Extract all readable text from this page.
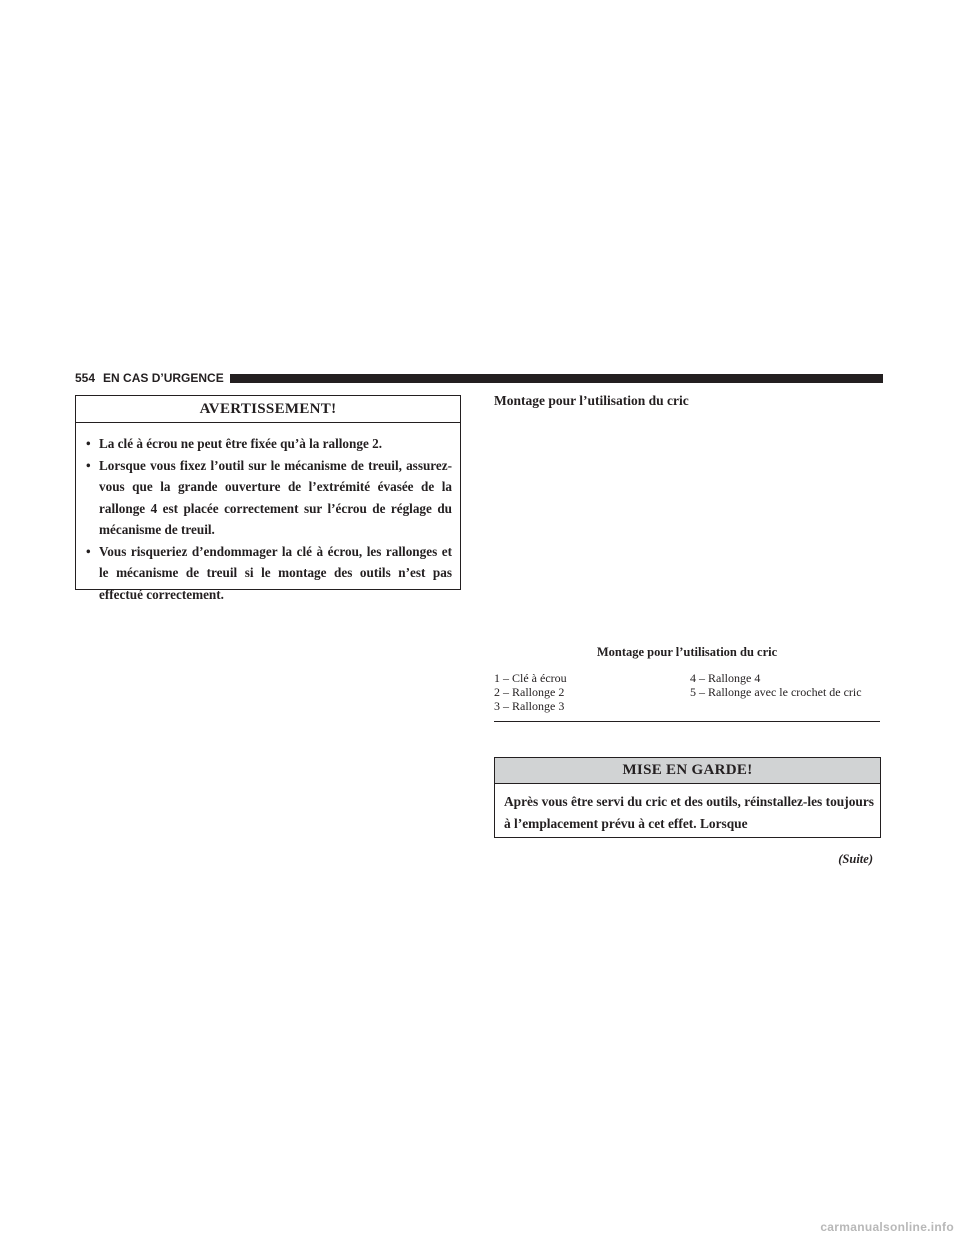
554 EN CAS D’URGENCE
AVERTISSEMENT!
• La clé à écrou ne peut être fixée qu’à la rallonge 2.
• Lorsque vous fixez l’outil sur le mécanisme de treuil, assurez-vous que la grande ouverture de l’extrémité évasée de la rallonge 4 est placée correctement sur l’écrou de réglage du mécanisme de treuil.
• Vous risqueriez d’endommager la clé à écrou, les rallonges et le mécanisme de treuil si le montage des outils n’est pas effectué correctement.
Montage pour l’utilisation du cric
Montage pour l’utilisation du cric
1 – Clé à écrou
2 – Rallonge 2
3 – Rallonge 3
4 – Rallonge 4
5 – Rallonge avec le crochet de cric
MISE EN GARDE!
Après vous être servi du cric et des outils, réinstallez-les toujours à l’emplacement prévu à cet effet. Lorsque
(Suite)
carmanualsonline.info
